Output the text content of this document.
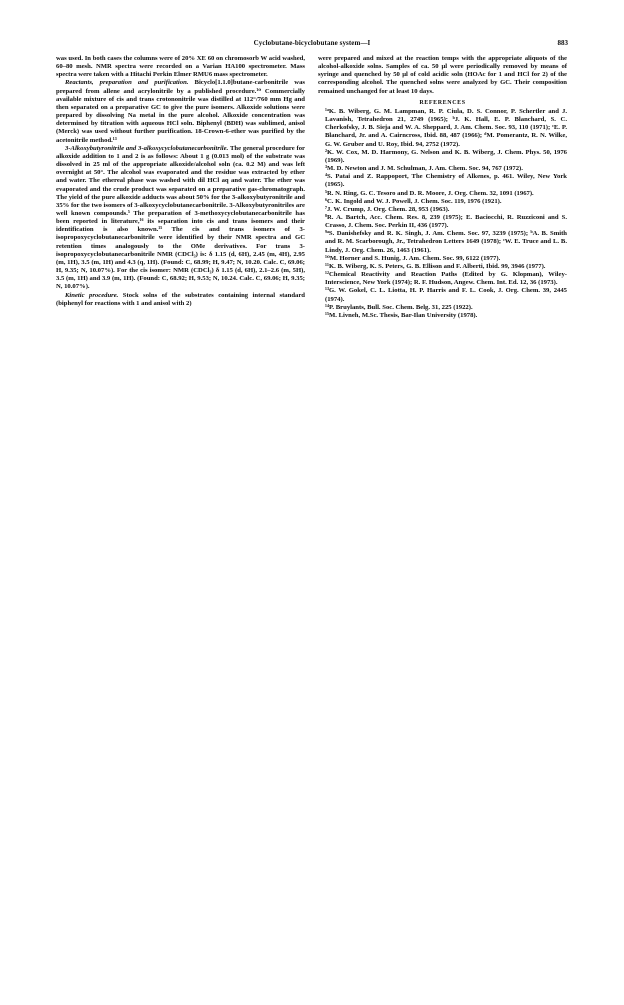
Cyclobutane-bicyclobutane system—I	883

was used. In both cases the columns were of 20% XE 60 on chromosorb W acid washed, 60–80 mesh. NMR spectra were recorded on a Varian HA100 spectrometer. Mass spectra were taken with a Hitachi Perkin Elmer RMU6 mass spectrometer.

Reactants, preparation and purification. Bicyclo[1.1.0]butane-carbonitrile was prepared from allene and acrylonitrile by a published procedure.¹⁰ Commercially available mixture of cis and trans crotononitrile was distilled at 112°/760 mm Hg and then separated on a preparative GC to give the pure isomers. Alkoxide solutions were prepared by dissolving Na metal in the pure alcohol. Alkoxide concentration was determined by titration with aqueous HCl soln. Biphenyl (BDH) was sublimed, anisol (Merck) was used without further purification. 18-Crown-6-ether was purified by the acetonitrile method.¹³

3-Alkoxybutyronitrile and 3-alkoxycyclobutanecarbonitrile. The general procedure for alkoxide addition to 1 and 2 is as follows: About 1 g (0.013 mol) of the substrate was dissolved in 25 ml of the appropriate alkoxide/alcohol soln (ca. 0.2 M) and was left overnight at 50°. The alcohol was evaporated and the residue was extracted by ether and water. The ethereal phase was washed with dil HCl aq and water. The ether was evaporated and the crude product was separated on a preparative gas-chromatograph. The yield of the pure alkoxide adducts was about 50% for the 3-alkoxybutyronitrile and 35% for the two isomers of 3-alkoxycyclobutanecarbonitrile. 3-Alkoxybutyronitriles are well known compounds.⁵ The preparation of 3-methoxycyclobutanecarbonitrile has been reported in literature,¹⁶ its separation into cis and trans isomers and their identification is also known.¹⁵ The cis and trans isomers of 3-isopropoxycyclobutanecarbonitrile were identified by their NMR spectra and GC retention times analogously to the OMe derivatives. For trans 3-isopropoxycyclobutanecarbonitrile NMR (CDCl₃) is: δ 1.15 (d, 6H), 2.45 (m, 4H), 2.95 (m, 1H), 3.5 (m, 1H) and 4.3 (q, 1H). (Found: C, 68.99; H, 9.47; N, 10.20. Calc. C, 69.06; H, 9.35; N, 10.07%). For the cis isomer: NMR (CDCl₃) δ 1.15 (d, 6H), 2.1–2.6 (m, 5H), 3.5 (m, 1H) and 3.9 (m, 1H). (Found: C, 68.92; H, 9.53; N, 10.24. Calc. C, 69.06; H, 9.35; N, 10.07%).

Kinetic procedure. Stock solns of the substrates containing internal standard (biphenyl for reactions with 1 and anisol with 2)

were prepared and mixed at the reaction temps with the appropriate aliquots of the alcohol-alkoxide solns. Samples of ca. 50 μl were periodically removed by means of syringe and quenched by 50 μl of cold acidic soln (HOAc for 1 and HCl for 2) of the corresponding alcohol. The quenched solns were analyzed by GC. Their composition remained unchanged for at least 10 days.

REFERENCES

¹ᵃK. B. Wiberg, G. M. Lampman, R. P. Ciula, D. S. Connor, P. Schertler and J. Lavanish, Tetrahedron 21, 2749 (1965); ᵇJ. K. Hall, E. P. Blanchard, S. C. Cherkofsky, J. B. Sieja and W. A. Sheppard, J. Am. Chem. Soc. 93, 110 (1971); ᶜE. P. Blanchard, Jr. and A. Cairncross, Ibid. 88, 487 (1966); ᵈM. Pomerantz, R. N. Wilke, G. W. Gruber and U. Roy, Ibid. 94, 2752 (1972).

²K. W. Cox, M. D. Harmony, G. Nelson and K. B. Wiberg, J. Chem. Phys. 50, 1976 (1969).

³M. D. Newton and J. M. Schulman, J. Am. Chem. Soc. 94, 767 (1972).

⁴S. Patai and Z. Rappoport, The Chemistry of Alkenes, p. 461. Wiley, New York (1965).

⁵R. N. Ring, G. C. Tesoro and D. R. Moore, J. Org. Chem. 32, 1091 (1967).

⁶C. K. Ingold and W. J. Powell, J. Chem. Soc. 119, 1976 (1921).

⁷J. W. Crump, J. Org. Chem. 28, 953 (1963).

⁸R. A. Bartch, Acc. Chem. Res. 8, 239 (1975); E. Baciocchi, R. Ruzziconi and S. Crasso, J. Chem. Soc. Perkin II, 436 (1977).

⁹ᵃS. Danishefsky and R. K. Singh, J. Am. Chem. Soc. 97, 3239 (1975); ᵇA. B. Smith and R. M. Scarborough, Jr., Tetrahedron Letters 1649 (1978); ᶜW. E. Truce and L. B. Lindy, J. Org. Chem. 26, 1463 (1961).

¹⁰M. Horner and S. Hunig, J. Am. Chem. Soc. 99, 6122 (1977).

¹¹K. B. Wiberg, K. S. Peters, G. B. Ellison and F. Alberti, Ibid. 99, 3946 (1977).

¹²Chemical Reactivity and Reaction Paths (Edited by G. Klopman), Wiley-Interscience, New York (1974); R. F. Hudson, Angew. Chem. Int. Ed. 12, 36 (1973).

¹³G. W. Gokel, C. L. Liotta, H. P. Harris and F. L. Cook, J. Org. Chem. 39, 2445 (1974).

¹⁴P. Bruylants, Bull. Soc. Chem. Belg. 31, 225 (1922).

¹⁵M. Livneh, M.Sc. Thesis, Bar-Ilan University (1978).
